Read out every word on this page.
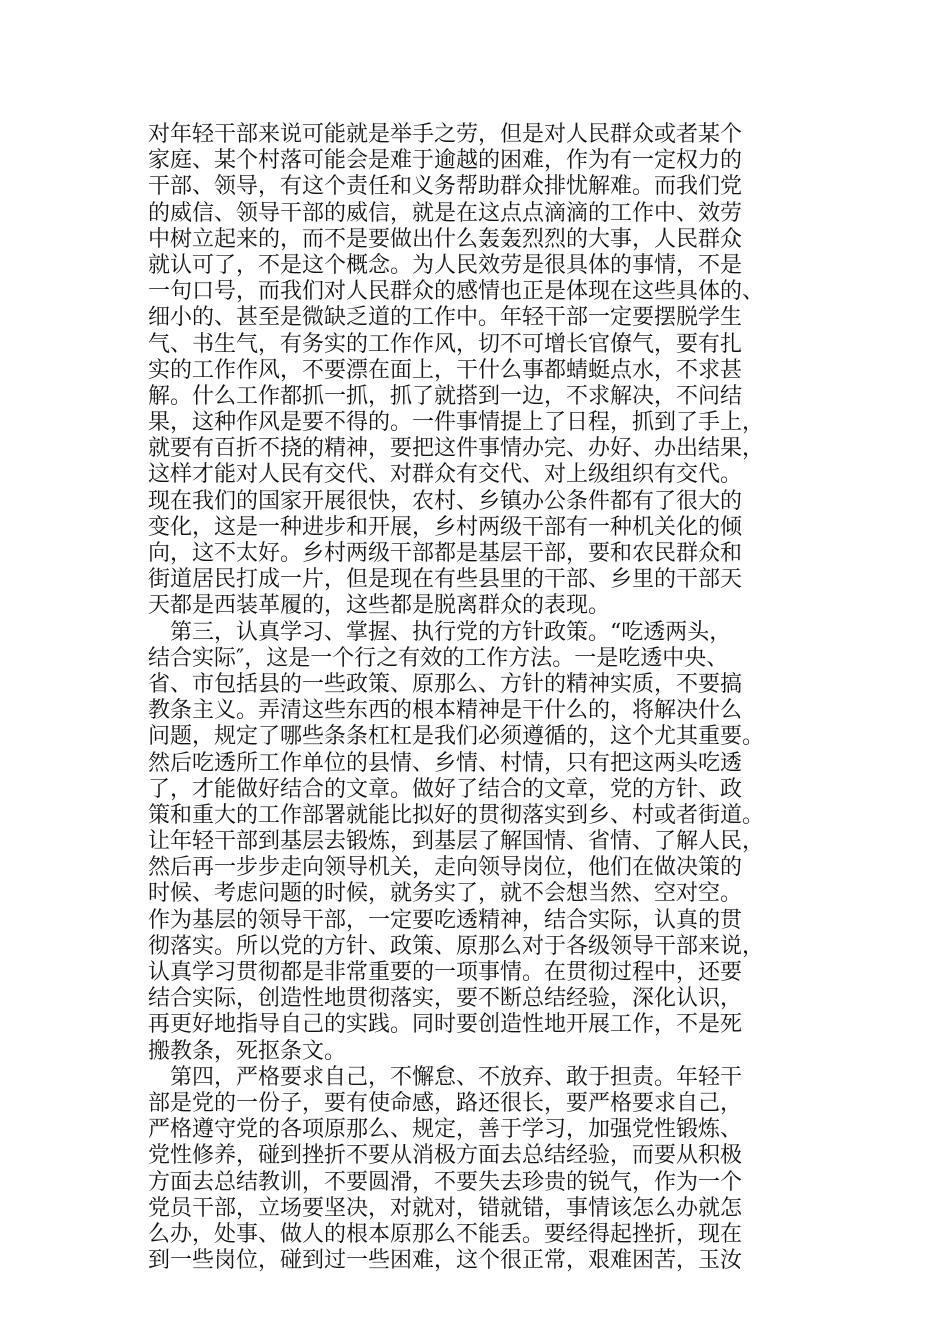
对年轻干部来说可能就是举手之劳，但是对人民群众或者某个
家庭、某个村落可能会是难于逾越的困难，作为有一定权力的
干部、领导，有这个责任和义务帮助群众排忧解难。而我们党
的威信、领导干部的威信，就是在这点点滴滴的工作中、效劳
中树立起来的，而不是要做出什么轰轰烈烈的大事，人民群众
就认可了，不是这个概念。为人民效劳是很具体的事情，不是
一句口号，而我们对人民群众的感情也正是体现在这些具体的、
细小的、甚至是微缺乏道的工作中。年轻干部一定要摆脱学生
气、书生气，有务实的工作作风，切不可增长官僚气，要有扎
实的工作作风，不要漂在面上，干什么事都蜻蜓点水，不求甚
解。什么工作都抓一抓，抓了就搭到一边，不求解决，不问结
果，这种作风是要不得的。一件事情提上了日程，抓到了手上，
就要有百折不挠的精神，要把这件事情办完、办好、办出结果，
这样才能对人民有交代、对群众有交代、对上级组织有交代。
现在我们的国家开展很快，农村、乡镇办公条件都有了很大的
变化，这是一种进步和开展，乡村两级干部有一种机关化的倾
向，这不太好。乡村两级干部都是基层干部，要和农民群众和
街道居民打成一片，但是现在有些县里的干部、乡里的干部天
天都是西装革履的，这些都是脱离群众的表现。
　第三，认真学习、掌握、执行党的方针政策。“吃透两头，
结合实际″，这是一个行之有效的工作方法。一是吃透中央、
省、市包括县的一些政策、原那么、方针的精神实质，不要搞
教条主义。弄清这些东西的根本精神是干什么的，将解决什么
问题，规定了哪些条条杠杠是我们必须遵循的，这个尤其重要。
然后吃透所工作单位的县情、乡情、村情，只有把这两头吃透
了，才能做好结合的文章。做好了结合的文章，党的方针、政
策和重大的工作部署就能比拟好的贯彻落实到乡、村或者街道。
让年轻干部到基层去锻炼，到基层了解国情、省情、了解人民，
然后再一步步走向领导机关，走向领导岗位，他们在做决策的
时候、考虑问题的时候，就务实了，就不会想当然、空对空。
作为基层的领导干部，一定要吃透精神，结合实际，认真的贯
彻落实。所以党的方针、政策、原那么对于各级领导干部来说，
认真学习贯彻都是非常重要的一项事情。在贯彻过程中，还要
结合实际，创造性地贯彻落实，要不断总结经验，深化认识，
再更好地指导自己的实践。同时要创造性地开展工作，不是死
搬教条，死抠条文。
　第四，严格要求自己，不懈怠、不放弃、敢于担责。年轻干
部是党的一份子，要有使命感，路还很长，要严格要求自己，
严格遵守党的各项原那么、规定，善于学习，加强党性锻炼、
党性修养，碰到挫折不要从消极方面去总结经验，而要从积极
方面去总结教训，不要圆滑，不要失去珍贵的锐气，作为一个
党员干部，立场要坚决，对就对，错就错，事情该怎么办就怎
么办，处事、做人的根本原那么不能丢。要经得起挫折，现在
到一些岗位，碰到过一些困难，这个很正常，艰难困苦，玉汝
